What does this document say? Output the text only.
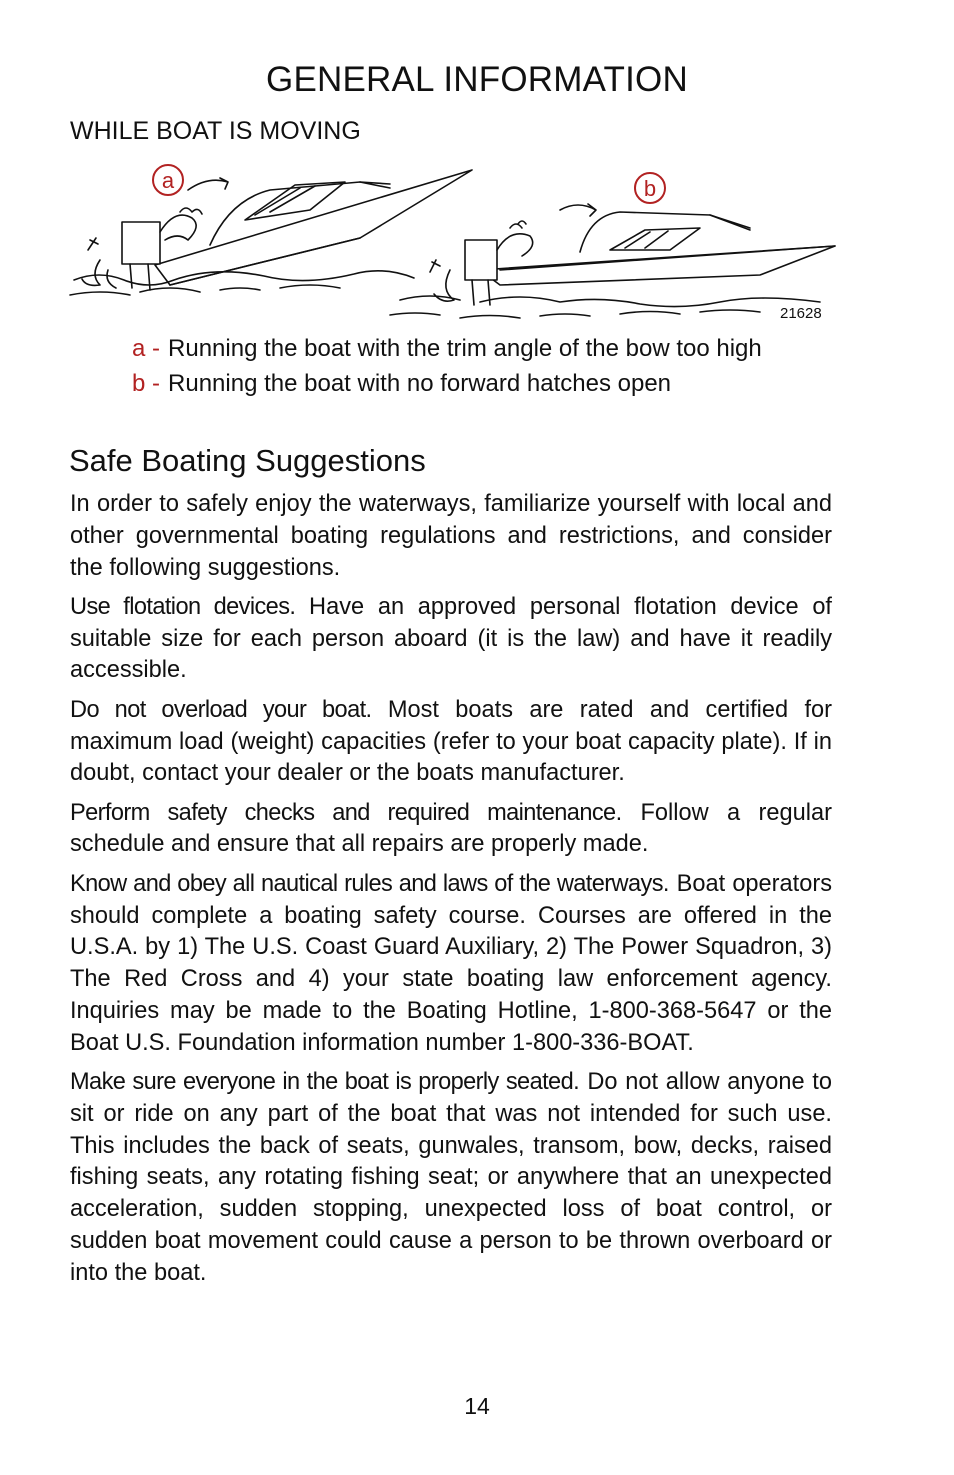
GENERAL INFORMATION
WHILE BOAT IS MOVING
a	b
21628
a - Running the boat with the trim angle of the bow too high
b - Running the boat with no forward hatches open
Safe Boating Suggestions

In order to safely enjoy the waterways, familiarize yourself with local and other governmental boating regulations and restrictions, and consider the following suggestions.

Use flotation devices. Have an approved personal flotation device of suitable size for each person aboard (it is the law) and have it readily accessible.

Do not overload your boat. Most boats are rated and certified for maximum load (weight) capacities (refer to your boat capacity plate). If in doubt, contact your dealer or the boats manufacturer.

Perform safety checks and required maintenance. Follow a regular schedule and ensure that all repairs are properly made.

Know and obey all nautical rules and laws of the waterways. Boat operators should complete a boating safety course. Courses are offered in the U.S.A. by 1) The U.S. Coast Guard Auxiliary, 2) The Power Squadron, 3) The Red Cross and 4) your state boating law enforcement agency. Inquiries may be made to the Boating Hotline, 1-800-368-5647 or the Boat U.S. Foundation information number 1-800-336-BOAT.

Make sure everyone in the boat is properly seated. Do not allow anyone to sit or ride on any part of the boat that was not intended for such use. This includes the back of seats, gunwales, transom, bow, decks, raised fishing seats, any rotating fishing seat; or anywhere that an unexpected acceleration, sudden stopping, unexpected loss of boat control, or sudden boat movement could cause a person to be thrown overboard or into the boat.

14
